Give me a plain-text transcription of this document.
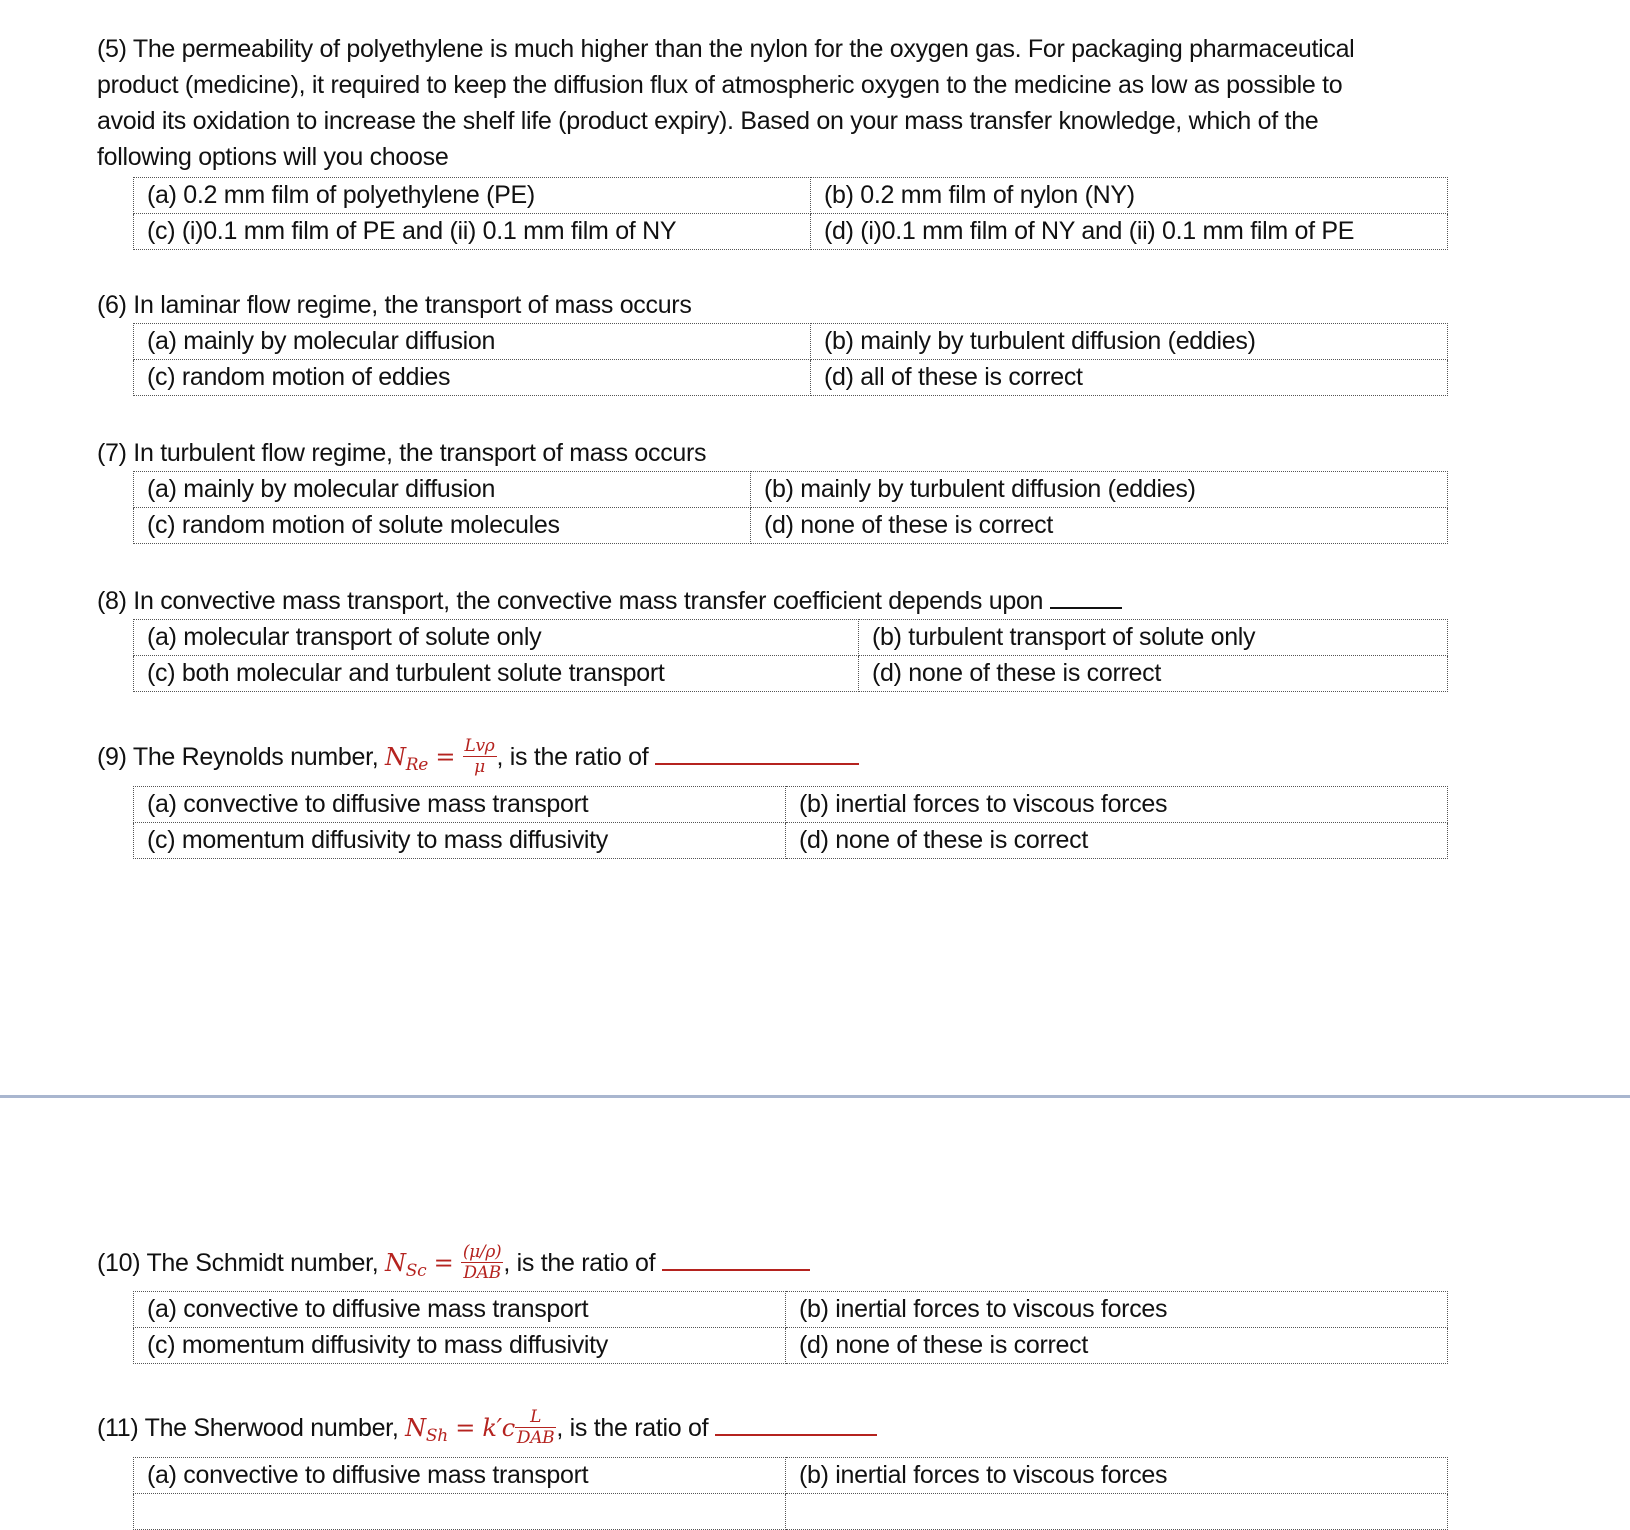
(5) The permeability of polyethylene is much higher than the nylon for the oxygen gas. For packaging pharmaceutical
product (medicine), it required to keep the diffusion flux of atmospheric oxygen to the medicine as low as possible to
avoid its oxidation to increase the shelf life (product expiry). Based on your mass transfer knowledge, which of the
following options will you choose
(a) 0.2 mm film of polyethylene (PE)	(b) 0.2 mm film of nylon (NY)
(c) (i)0.1 mm film of PE and (ii) 0.1 mm film of NY	(d) (i)0.1 mm film of NY and (ii) 0.1 mm film of PE
(6) In laminar flow regime, the transport of mass occurs
(a) mainly by molecular diffusion	(b) mainly by turbulent diffusion (eddies)
(c) random motion of eddies	(d) all of these is correct
(7) In turbulent flow regime, the transport of mass occurs
(a) mainly by molecular diffusion	(b) mainly by turbulent diffusion (eddies)
(c) random motion of solute molecules	(d) none of these is correct
(8) In convective mass transport, the convective mass transfer coefficient depends upon
(a) molecular transport of solute only	(b) turbulent transport of solute only
(c) both molecular and turbulent solute transport	(d) none of these is correct
(9) The Reynolds number, $N_{Re} = \frac{\text{Lvρ}}{\mu}$ , is the ratio of
(a) convective to diffusive mass transport	(b) inertial forces to viscous forces
(c) momentum diffusivity to mass diffusivity	(d) none of these is correct
(10) The Schmidt number, $N_{Sc} = \frac{(\mu/\rho)}{\text{DAB}}$ , is the ratio of
(a) convective to diffusive mass transport	(b) inertial forces to viscous forces
(c) momentum diffusivity to mass diffusivity	(d) none of these is correct
(11) The Sherwood number, $N_{Sh} = k'c \frac{L}{\text{DAB}}$ , is the ratio of
(a) convective to diffusive mass transport	(b) inertial forces to viscous forces
